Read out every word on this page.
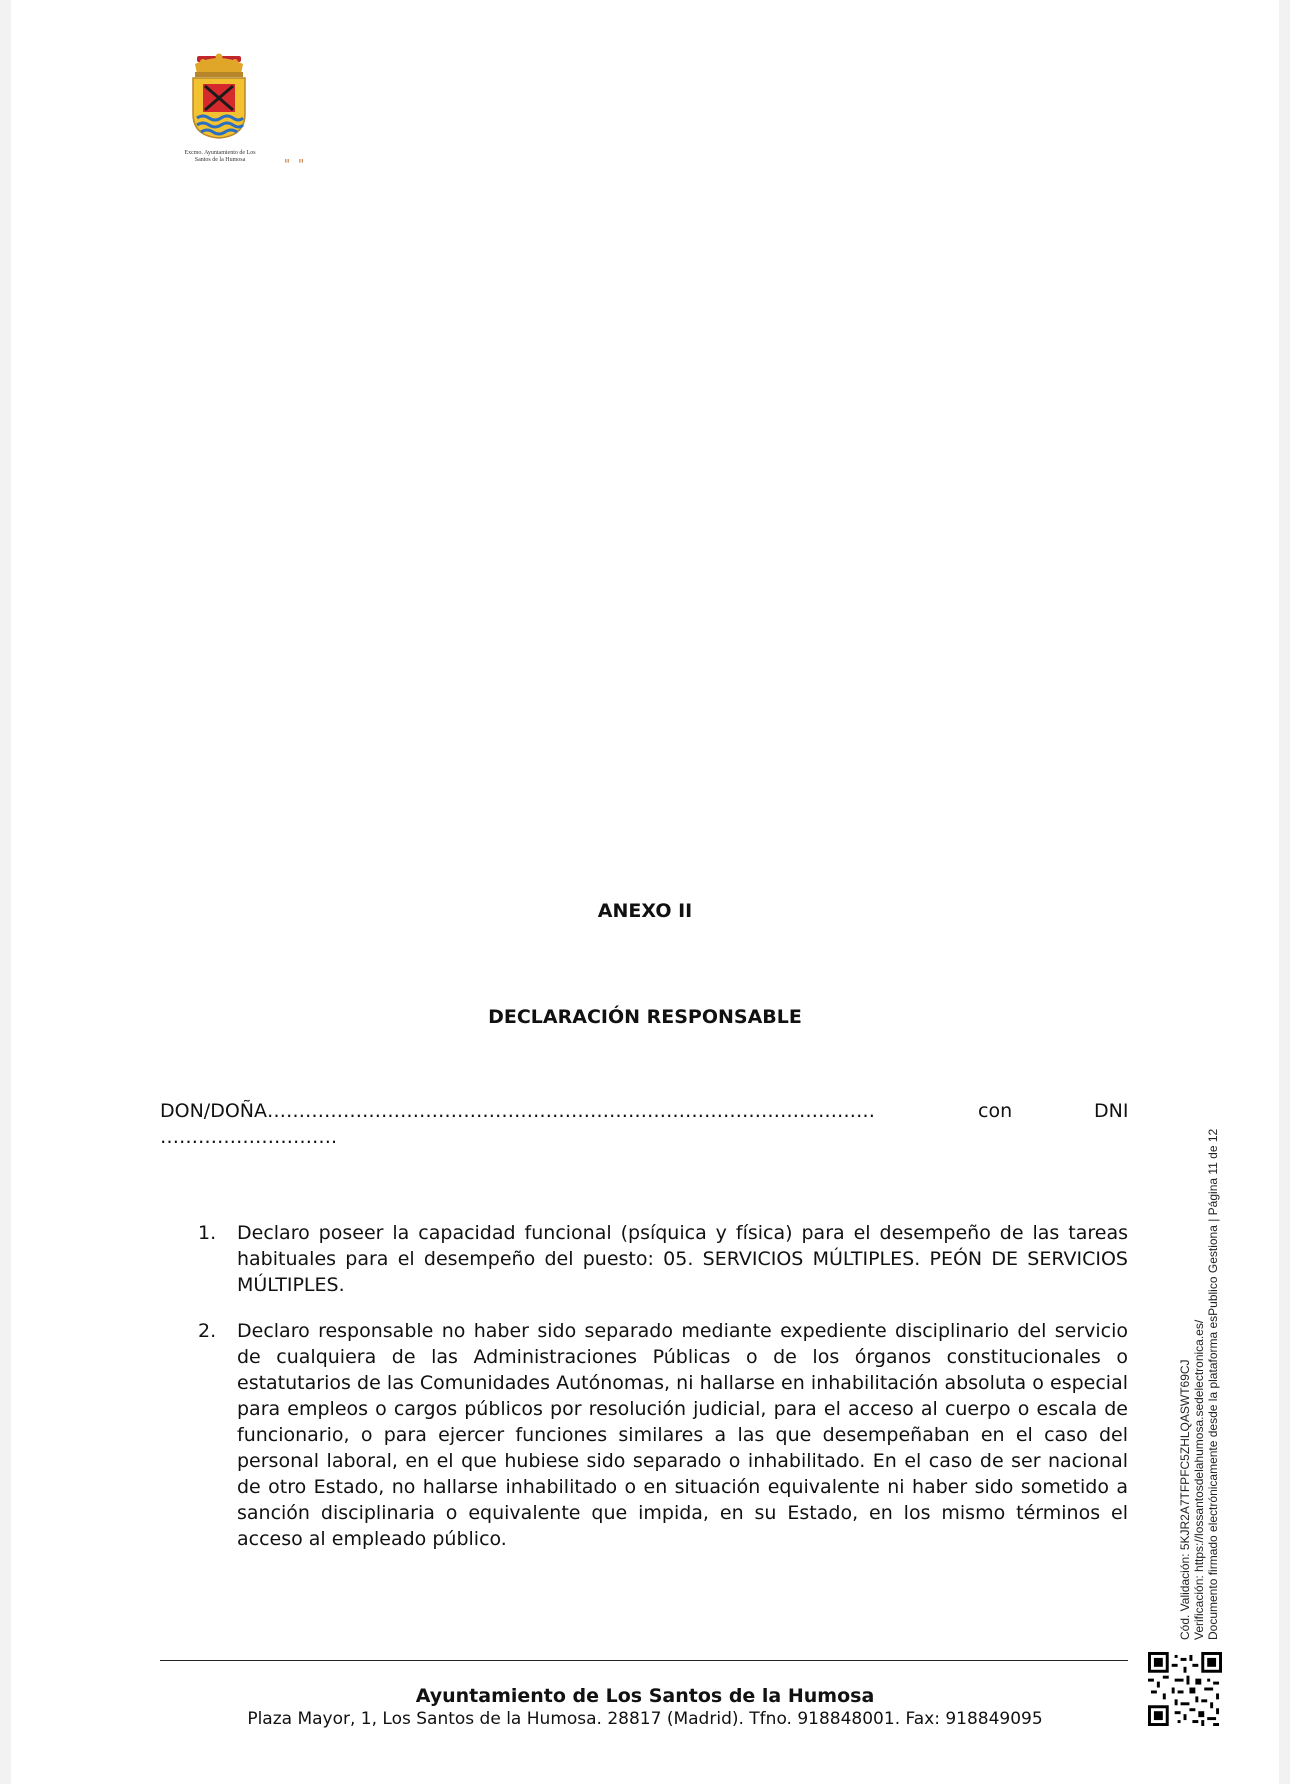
Excmo. Ayuntamiento de Los Santos de la Humosa	" "
ANEXO II
DECLARACIÓN RESPONSABLE
DON/DOÑA……………………………………………………………………………………	con	DNI
……………………….
1. Declaro poseer la capacidad funcional (psíquica y física) para el desempeño de las tareas habituales para el desempeño del puesto: 05. SERVICIOS MÚLTIPLES. PEÓN DE SERVICIOS MÚLTIPLES.
2. Declaro responsable no haber sido separado mediante expediente disciplinario del servicio de cualquiera de las Administraciones Públicas o de los órganos constitucionales o estatutarios de las Comunidades Autónomas, ni hallarse en inhabilitación absoluta o especial para empleos o cargos públicos por resolución judicial, para el acceso al cuerpo o escala de funcionario, o para ejercer funciones similares a las que desempeñaban en el caso del personal laboral, en el que hubiese sido separado o inhabilitado. En el caso de ser nacional de otro Estado, no hallarse inhabilitado o en situación equivalente ni haber sido sometido a sanción disciplinaria o equivalente que impida, en su Estado, en los mismo términos el acceso al empleado público.
Ayuntamiento de Los Santos de la Humosa
Plaza Mayor, 1, Los Santos de la Humosa. 28817 (Madrid). Tfno. 918848001. Fax: 918849095
Cód. Validación: 5KJR2A7TFPFC5ZHLQASWT69CJ Verificación: https://lossantosdelahumosa.sedelectronica.es/ Documento firmado electrónicamente desde la plataforma esPublico Gestiona | Página 11 de 12
